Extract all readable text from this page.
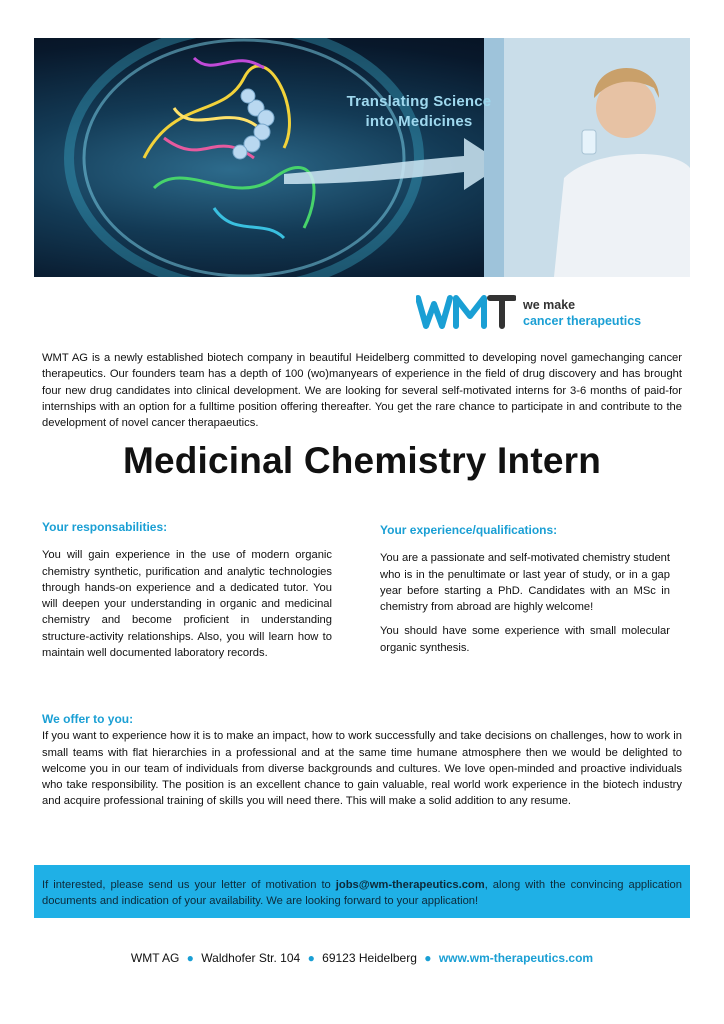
Translating Science
into Medicines
we make
cancer therapeutics
WMT AG is a newly established biotech company in beautiful Heidelberg committed to developing novel gamechanging cancer therapeutics. Our founders team has a depth of 100 (wo)manyears of experience in the field of drug discovery and has brought four new drug candidates into clinical development. We are looking for several self-motivated interns for 3-6 months of paid-for internships with an option for a fulltime position offering thereafter. You get the rare chance to participate in and contribute to the development of novel cancer therapaeutics.
Medicinal Chemistry Intern
Your responsabilities:

You will gain experience in the use of modern organic chemistry synthetic, purification and analytic technologies through hands-on experience and a dedicated tutor. You will deepen your understanding in organic and medicinal chemistry and become proficient in understanding structure-activity relationships. Also, you will learn how to maintain well documented laboratory records.

Your experience/qualifications:

You are a passionate and self-motivated chemistry student who is in the penultimate or last year of study, or in a gap year before starting a PhD. Candidates with an MSc in chemistry from abroad are highly welcome!

You should have some experience with small molecular organic synthesis.

We offer to you:

If you want to experience how it is to make an impact, how to work successfully and take decisions on challenges, how to work in small teams with flat hierarchies in a professional and at the same time humane atmosphere then we would be delighted to welcome you in our team of individuals from diverse backgrounds and cultures. We love open-minded and proactive individuals who take responsibility. The position is an excellent chance to gain valuable, real world work experience in the biotech industry and acquire professional training of skills you will need there. This will make a solid addition to any resume.

If interested, please send us your letter of motivation to jobs@wm-therapeutics.com, along with the convincing application documents and indication of your availability. We are looking forward to your application!

WMT AG ● Waldhofer Str. 104 ● 69123 Heidelberg ● www.wm-therapeutics.com
